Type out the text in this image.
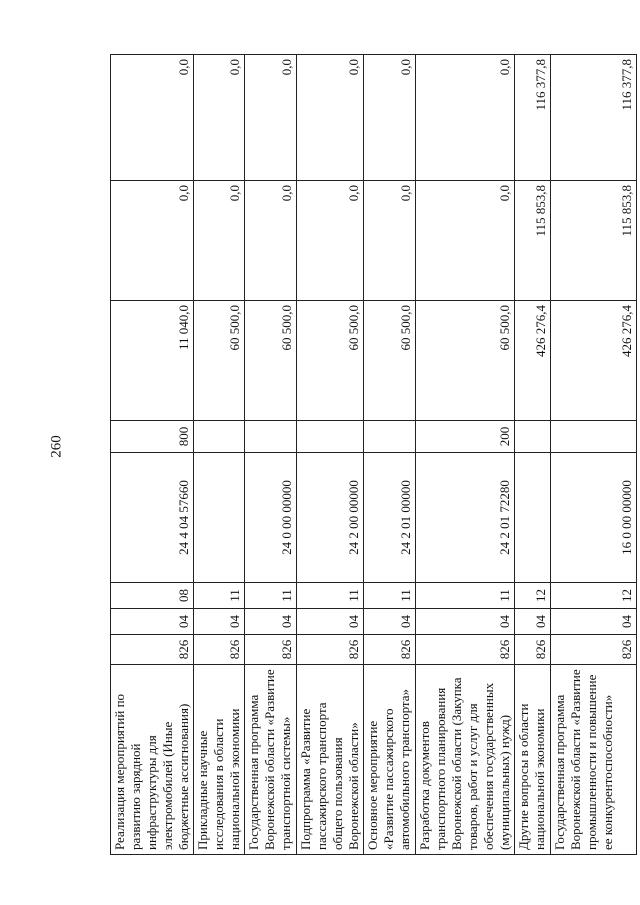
260
Реализация мероприятий по развитию зарядной инфраструктуры для электромобилей (Иные бюджетные ассигнования)	826	04	08	24 4 04 57660	800	11 040,0	0,0	0,0
Прикладные научные исследования в области национальной экономики	826	04	11			60 500,0	0,0	0,0
Государственная программа Воронежской области «Развитие транспортной системы»	826	04	11	24 0 00 00000		60 500,0	0,0	0,0
Подпрограмма «Развитие пассажирского транспорта общего пользования Воронежской области»	826	04	11	24 2 00 00000		60 500,0	0,0	0,0
Основное мероприятие «Развитие пассажирского автомобильного транспорта»	826	04	11	24 2 01 00000		60 500,0	0,0	0,0
Разработка документов транспортного планирования Воронежской области (Закупка товаров, работ и услуг для обеспечения государственных (муниципальных) нужд)	826	04	11	24 2 01 72280	200	60 500,0	0,0	0,0
Другие вопросы в области национальной экономики	826	04	12			426 276,4	115 853,8	116 377,8
Государственная программа Воронежской области «Развитие промышленности и повышение ее конкурентоспособности»	826	04	12	16 0 00 00000		426 276,4	115 853,8	116 377,8
